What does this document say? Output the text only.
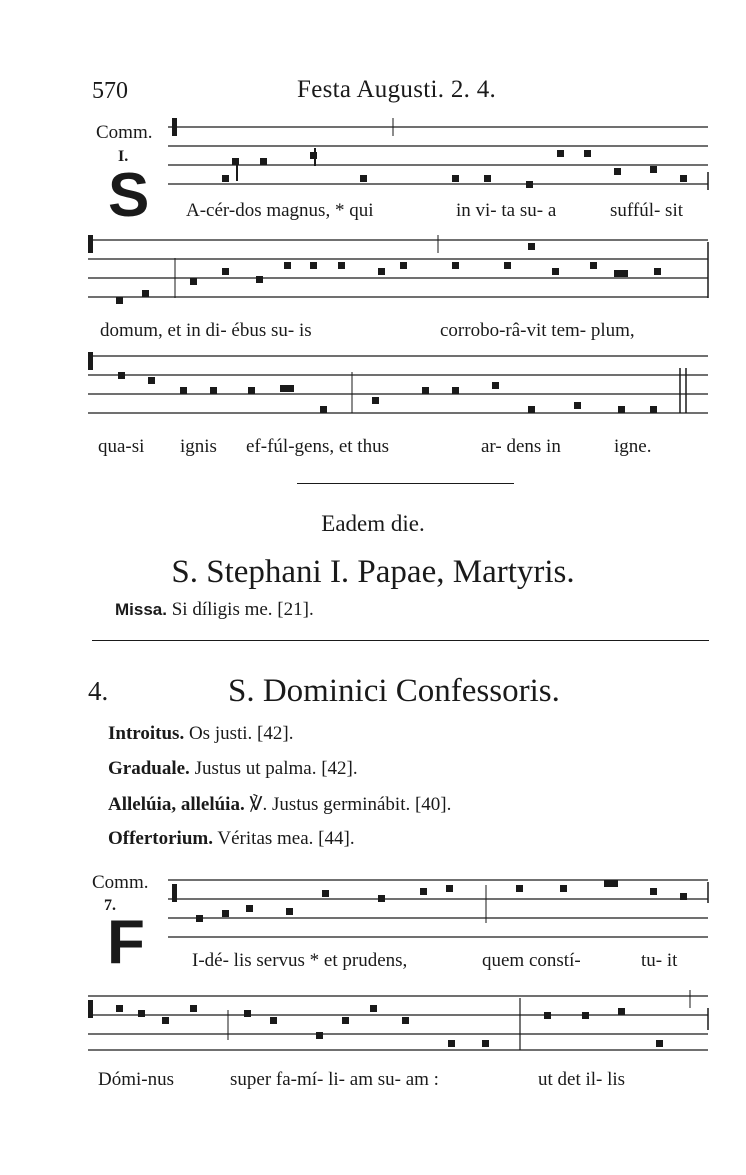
570	Festa Augusti. 2. 4.
Comm.
I.
S A-cér-dos magnus, * qui	in vi- ta su- a	suffúl- sit
domum, et in di- ébus su- is	corrobo-râ-vit tem- plum,
qua-si ignis ef-fúl-gens, et thus	ar- dens in	igne.
Eadem die.
S. Stephani I. Papae, Martyris.
Missa. Si díligis me. [21].
4.	S. Dominici Confessoris.
Introitus. Os justi. [42].
Graduale. Justus ut palma. [42].
Allelúia, allelúia. ℣. Justus germinábit. [40].
Offertorium. Véritas mea. [44].
Comm.
7.
F I-dé- lis servus * et prudens,	quem constí-	tu- it
Dómi-nus	super fa-mí- li- am su- am :	ut det il- lis
